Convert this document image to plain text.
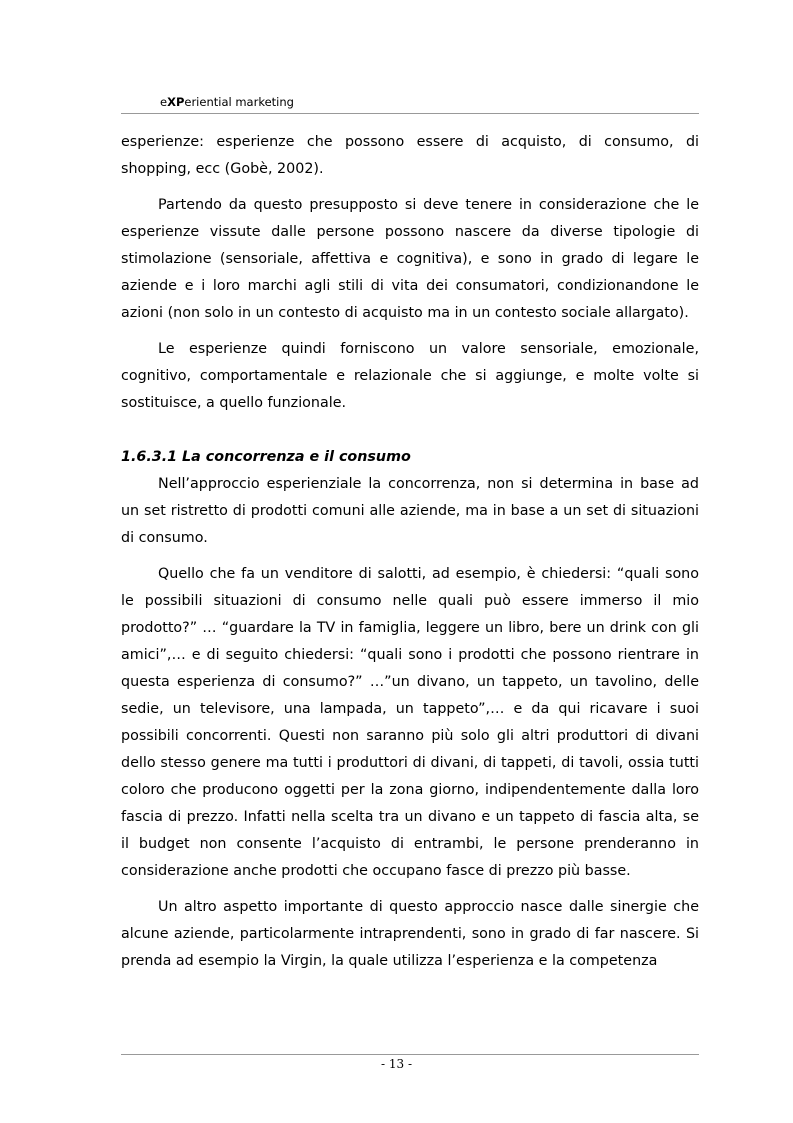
eXPeriential marketing

esperienze: esperienze che possono essere di acquisto, di consumo, di shopping, ecc (Gobè, 2002).

Partendo da questo presupposto si deve tenere in considerazione che le esperienze vissute dalle persone possono nascere da diverse tipologie di stimolazione (sensoriale, affettiva e cognitiva), e sono in grado di legare le aziende e i loro marchi agli stili di vita dei consumatori, condizionandone le azioni (non solo in un contesto di acquisto ma in un contesto sociale allargato).

Le esperienze quindi forniscono un valore sensoriale, emozionale, cognitivo, comportamentale e relazionale che si aggiunge, e molte volte si sostituisce, a quello funzionale.

1.6.3.1 La concorrenza e il consumo

Nell’approccio esperienziale la concorrenza, non si determina in base ad un set ristretto di prodotti comuni alle aziende, ma in base a un set di situazioni di consumo.

Quello che fa un venditore di salotti, ad esempio, è chiedersi: “quali sono le possibili situazioni di consumo nelle quali può essere immerso il mio prodotto?” … “guardare la TV in famiglia, leggere un libro, bere un drink con gli amici”,… e di seguito chiedersi: “quali sono i prodotti che possono rientrare in questa esperienza di consumo?” …”un divano, un tappeto, un tavolino, delle sedie, un televisore, una lampada, un tappeto”,… e da qui ricavare i suoi possibili concorrenti. Questi non saranno più solo gli altri produttori di divani dello stesso genere ma tutti i produttori di divani, di tappeti, di tavoli, ossia tutti coloro che producono oggetti per la zona giorno, indipendentemente dalla loro fascia di prezzo. Infatti nella scelta tra un divano e un tappeto di fascia alta, se il budget non consente l’acquisto di entrambi, le persone prenderanno in considerazione anche prodotti che occupano fasce di prezzo più basse.

Un altro aspetto importante di questo approccio nasce dalle sinergie che alcune aziende, particolarmente intraprendenti, sono in grado di far nascere. Si prenda ad esempio la Virgin, la quale utilizza l’esperienza e la competenza

- 13 -
